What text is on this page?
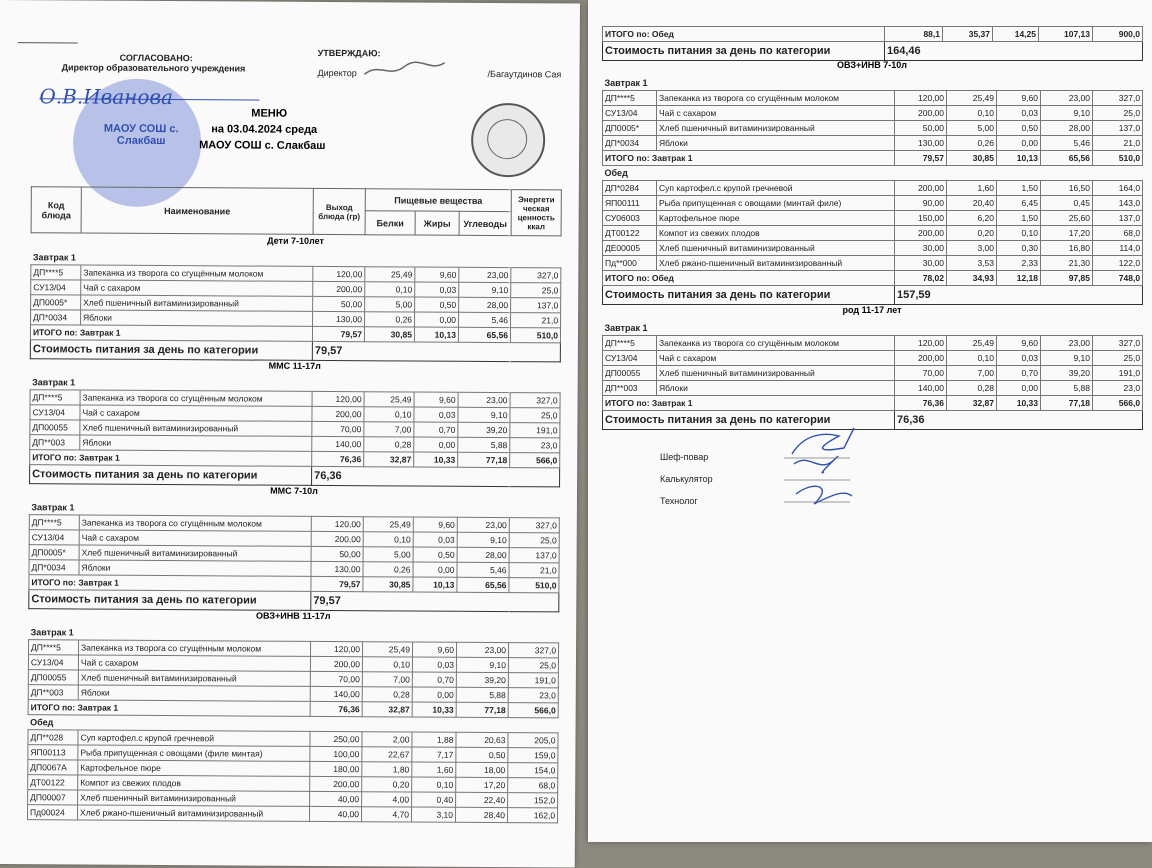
СОГЛАСОВАНО:
Директор образовательного учреждения
УТВЕРЖДАЮ:
Директор	/Багаутдинов Сая
МАОУ СОШ с. Слакбаш
О.В.Иванова
МЕНЮ
на 03.04.2024 среда
МАОУ СОШ с. Слакбаш
Код блюда	Наименование	Выход блюда (гр)	Пищевые вещества			Энергети ческая ценность ккал
			Белки	Жиры	Углеводы	
Дети 7-10лет
Завтрак 1						
ДП****5	Запеканка из творога со сгущённым молоком	120,00	25,49	9,60	23,00	327,0
СУ13/04	Чай с сахаром	200,00	0,10	0,03	9,10	25,0
ДП0005*	Хлеб пшеничный витаминизированный	50,00	5,00	0,50	28,00	137,0
ДП*0034	Яблоки	130,00	0,26	0,00	5,46	21,0
ИТОГО по: Завтрак 1		79,57	30,85	10,13	65,56	510,0
Стоимость питания за день по категории		79,57				
ММС 11-17л
Завтрак 1						
ДП****5	Запеканка из творога со сгущённым молоком	120,00	25,49	9,60	23,00	327,0
СУ13/04	Чай с сахаром	200,00	0,10	0,03	9,10	25,0
ДП00055	Хлеб пшеничный витаминизированный	70,00	7,00	0,70	39,20	191,0
ДП**003	Яблоки	140,00	0,28	0,00	5,88	23,0
ИТОГО по: Завтрак 1		76,36	32,87	10,33	77,18	566,0
Стоимость питания за день по категории		76,36				
ММС 7-10л
Завтрак 1						
ДП****5	Запеканка из творога со сгущённым молоком	120,00	25,49	9,60	23,00	327,0
СУ13/04	Чай с сахаром	200,00	0,10	0,03	9,10	25,0
ДП0005*	Хлеб пшеничный витаминизированный	50,00	5,00	0,50	28,00	137,0
ДП*0034	Яблоки	130,00	0,26	0,00	5,46	21,0
ИТОГО по: Завтрак 1		79,57	30,85	10,13	65,56	510,0
Стоимость питания за день по категории		79,57				
ОВЗ+ИНВ 11-17л
Завтрак 1						
ДП****5	Запеканка из творога со сгущённым молоком	120,00	25,49	9,60	23,00	327,0
СУ13/04	Чай с сахаром	200,00	0,10	0,03	9,10	25,0
ДП00055	Хлеб пшеничный витаминизированный	70,00	7,00	0,70	39,20	191,0
ДП**003	Яблоки	140,00	0,28	0,00	5,88	23,0
ИТОГО по: Завтрак 1		76,36	32,87	10,33	77,18	566,0
Обед						
ДП**028	Суп картофел.с крупой гречневой	250,00	2,00	1,88	20,63	205,0
ЯП00113	Рыба припущенная с овощами (филе минтая)	100,00	22,67	7,17	0,50	159,0
ДП0067А	Картофельное пюре	180,00	1,80	1,60	18,00	154,0
ДТ00122	Компот из свежих плодов	200,00	0,20	0,10	17,20	68,0
ДП00007	Хлеб пшеничный витаминизированный	40,00	4,00	0,40	22,40	152,0
Пд00024	Хлеб ржано-пшеничный витаминизированный	40,00	4,70	3,10	28,40	162,0
ИТОГО по: Обед	88,1	35,37	14,25	107,13	900,0
Стоимость питания за день по категории	164,46				
ОВЗ+ИНВ 7-10л
Завтрак 1						
ДП****5	Запеканка из творога со сгущённым молоком	120,00	25,49	9,60	23,00	327,0
СУ13/04	Чай с сахаром	200,00	0,10	0,03	9,10	25,0
ДП0005*	Хлеб пшеничный витаминизированный	50,00	5,00	0,50	28,00	137,0
ДП*0034	Яблоки	130,00	0,26	0,00	5,46	21,0
ИТОГО по: Завтрак 1		79,57	30,85	10,13	65,56	510,0
Обед						
ДП*0284	Суп картофел.с крупой гречневой	200,00	1,60	1,50	16,50	164,0
ЯП00111	Рыба припущенная с овощами (минтай филе)	90,00	20,40	6,45	0,45	143,0
СУ06003	Картофельное пюре	150,00	6,20	1,50	25,60	137,0
ДТ00122	Компот из свежих плодов	200,00	0,20	0,10	17,20	68,0
ДЕ00005	Хлеб пшеничный витаминизированный	30,00	3,00	0,30	16,80	114,0
Пд**000	Хлеб ржано-пшеничный витаминизированный	30,00	3,53	2,33	21,30	122,0
ИТОГО по: Обед		78,02	34,93	12,18	97,85	748,0
Стоимость питания за день по категории		157,59				
род 11-17 лет
Завтрак 1						
ДП****5	Запеканка из творога со сгущённым молоком	120,00	25,49	9,60	23,00	327,0
СУ13/04	Чай с сахаром	200,00	0,10	0,03	9,10	25,0
ДП00055	Хлеб пшеничный витаминизированный	70,00	7,00	0,70	39,20	191,0
ДП**003	Яблоки	140,00	0,28	0,00	5,88	23,0
ИТОГО по: Завтрак 1		76,36	32,87	10,33	77,18	566,0
Стоимость питания за день по категории		76,36				
Шеф-повар
Калькулятор
Технолог
